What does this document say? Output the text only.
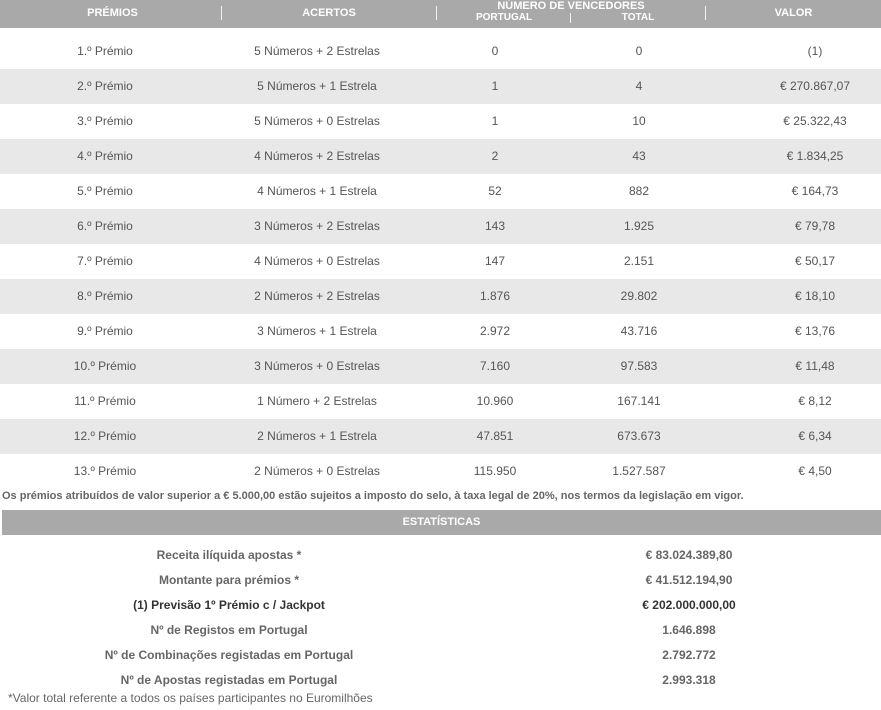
PRÉMIOS	ACERTOS
NÚMERO DE VENCEDORES
PORTUGAL	TOTAL	VALOR
1.º Prémio	5 Números + 2 Estrelas	0	0	(1)
2.º Prémio	5 Números + 1 Estrela	1	4	€ 270.867,07
3.º Prémio	5 Números + 0 Estrelas	1	10	€ 25.322,43
4.º Prémio	4 Números + 2 Estrelas	2	43	€ 1.834,25
5.º Prémio	4 Números + 1 Estrela	52	882	€ 164,73
6.º Prémio	3 Números + 2 Estrelas	143	1.925	€ 79,78
7.º Prémio	4 Números + 0 Estrelas	147	2.151	€ 50,17
8.º Prémio	2 Números + 2 Estrelas	1.876	29.802	€ 18,10
9.º Prémio	3 Números + 1 Estrela	2.972	43.716	€ 13,76
10.º Prémio	3 Números + 0 Estrelas	7.160	97.583	€ 11,48
11.º Prémio	1 Número + 2 Estrelas	10.960	167.141	€ 8,12
12.º Prémio	2 Números + 1 Estrela	47.851	673.673	€ 6,34
13.º Prémio	2 Números + 0 Estrelas	115.950	1.527.587	€ 4,50
Os prémios atribuídos de valor superior a € 5.000,00 estão sujeitos a imposto do selo, à taxa legal de 20%, nos termos da legislação em vigor.
ESTATÍSTICAS
Receita ilíquida apostas *	€ 83.024.389,80
Montante para prémios *	€ 41.512.194,90
(1) Previsão 1º Prémio c / Jackpot	€ 202.000.000,00
Nº de Registos em Portugal	1.646.898
Nº de Combinações registadas em Portugal	2.792.772
Nº de Apostas registadas em Portugal	2.993.318
*Valor total referente a todos os países participantes no Euromilhões
